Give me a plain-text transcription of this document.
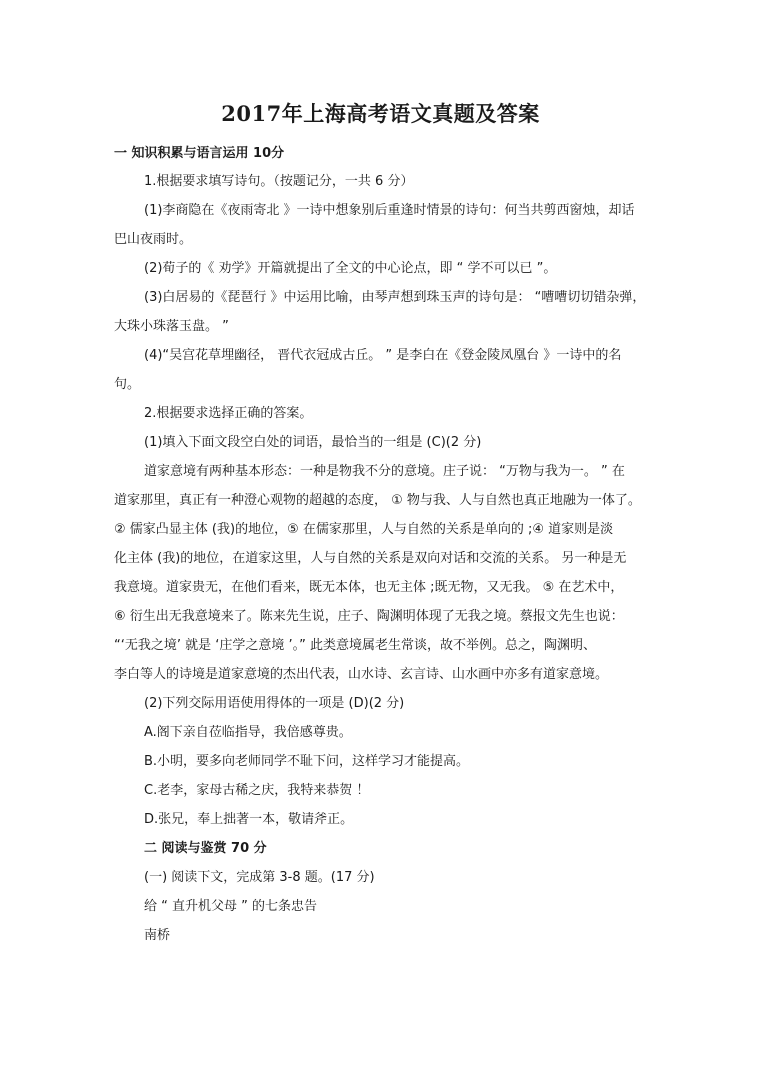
2017年上海高考语文真题及答案
一 知识积累与语言运用 10分
1.根据要求填写诗句。（按题记分，一共 6 分）
(1)李商隐在《夜雨寄北 》一诗中想象别后重逢时情景的诗句：何当共剪西窗烛，却话
巴山夜雨时。
(2)荀子的《 劝学》开篇就提出了全文的中心论点，即 “ 学不可以已 ”。
(3)白居易的《琵琶行 》中运用比喻，由琴声想到珠玉声的诗句是： “嘈嘈切切错杂弹，
大珠小珠落玉盘。 ”
(4)“吴宫花草埋幽径， 晋代衣冠成古丘。 ” 是李白在《登金陵凤凰台 》一诗中的名
句。
2.根据要求选择正确的答案。
(1)填入下面文段空白处的词语，最恰当的一组是 (C)(2 分)
道家意境有两种基本形态：一种是物我不分的意境。庄子说： “万物与我为一。 ” 在
道家那里，真正有一种澄心观物的超越的态度， ① 物与我、人与自然也真正地融为一体了。
② 儒家凸显主体 (我)的地位，⑤ 在儒家那里，人与自然的关系是单向的 ;④ 道家则是淡
化主体 (我)的地位，在道家这里，人与自然的关系是双向对话和交流的关系。 另一种是无
我意境。道家贵无，在他们看来，既无本体，也无主体 ;既无物，又无我。 ⑤ 在艺术中，
⑥ 衍生出无我意境来了。陈来先生说，庄子、陶渊明体现了无我之境。蔡报文先生也说：
“‘无我之境’ 就是 ‘庄学之意境 ’。” 此类意境属老生常谈，故不举例。总之，陶渊明、
李白等人的诗境是道家意境的杰出代表，山水诗、玄言诗、山水画中亦多有道家意境。
(2)下列交际用语使用得体的一项是 (D)(2 分)
A.阁下亲自莅临指导，我倍感尊贵。
B.小明，要多向老师同学不耻下问，这样学习才能提高。
C.老李，家母古稀之庆，我特来恭贺 ！
D.张兄，奉上拙著一本，敬请斧正。
二 阅读与鉴赏 70 分
(一) 阅读下文，完成第 3-8 题。(17 分)
给 “ 直升机父母 ” 的七条忠告
南桥
